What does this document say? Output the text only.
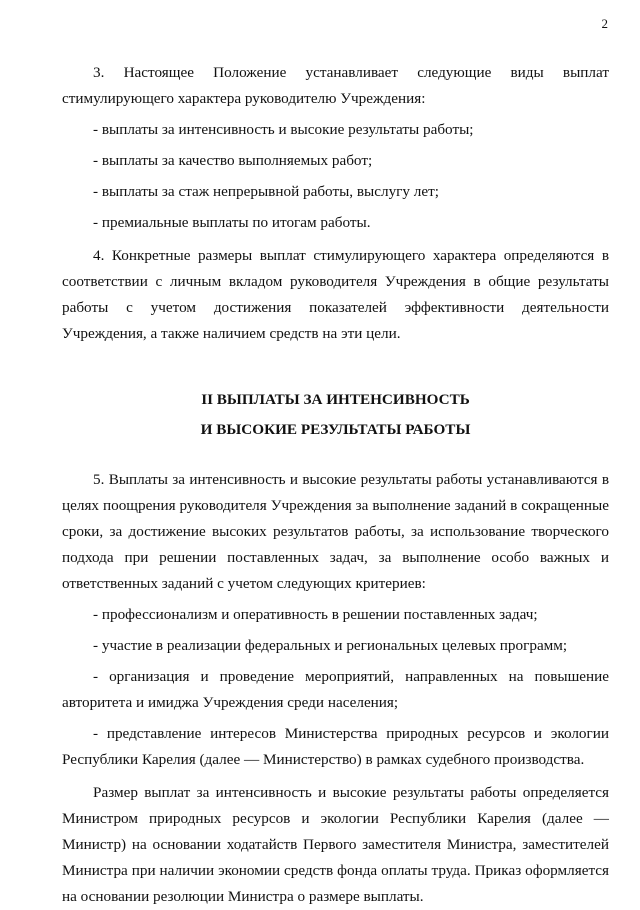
2

3. Настоящее Положение устанавливает следующие виды выплат стимулирующего характера руководителю Учреждения:

- выплаты за интенсивность и высокие результаты работы;

- выплаты за качество выполняемых работ;

- выплаты за стаж непрерывной работы, выслугу лет;

- премиальные выплаты по итогам работы.

4. Конкретные размеры выплат стимулирующего характера определяются в соответствии с личным вкладом руководителя Учреждения в общие результаты работы с учетом достижения показателей эффективности деятельности Учреждения, а также наличием средств на эти цели.

II ВЫПЛАТЫ ЗА ИНТЕНСИВНОСТЬ
И ВЫСОКИЕ РЕЗУЛЬТАТЫ РАБОТЫ

5. Выплаты за интенсивность и высокие результаты работы устанавливаются в целях поощрения руководителя Учреждения за выполнение заданий в сокращенные сроки, за достижение высоких результатов работы, за использование творческого подхода при решении поставленных задач, за выполнение особо важных и ответственных заданий с учетом следующих критериев:

- профессионализм и оперативность в решении поставленных задач;

- участие в реализации федеральных и региональных целевых программ;

- организация и проведение мероприятий, направленных на повышение авторитета и имиджа Учреждения среди населения;

- представление интересов Министерства природных ресурсов и экологии Республики Карелия (далее — Министерство) в рамках судебного производства.

Размер выплат за интенсивность и высокие результаты работы определяется Министром природных ресурсов и экологии Республики Карелия (далее — Министр) на основании ходатайств Первого заместителя Министра, заместителей Министра при наличии экономии средств фонда оплаты труда. Приказ оформляется на основании резолюции Министра о размере выплаты.
